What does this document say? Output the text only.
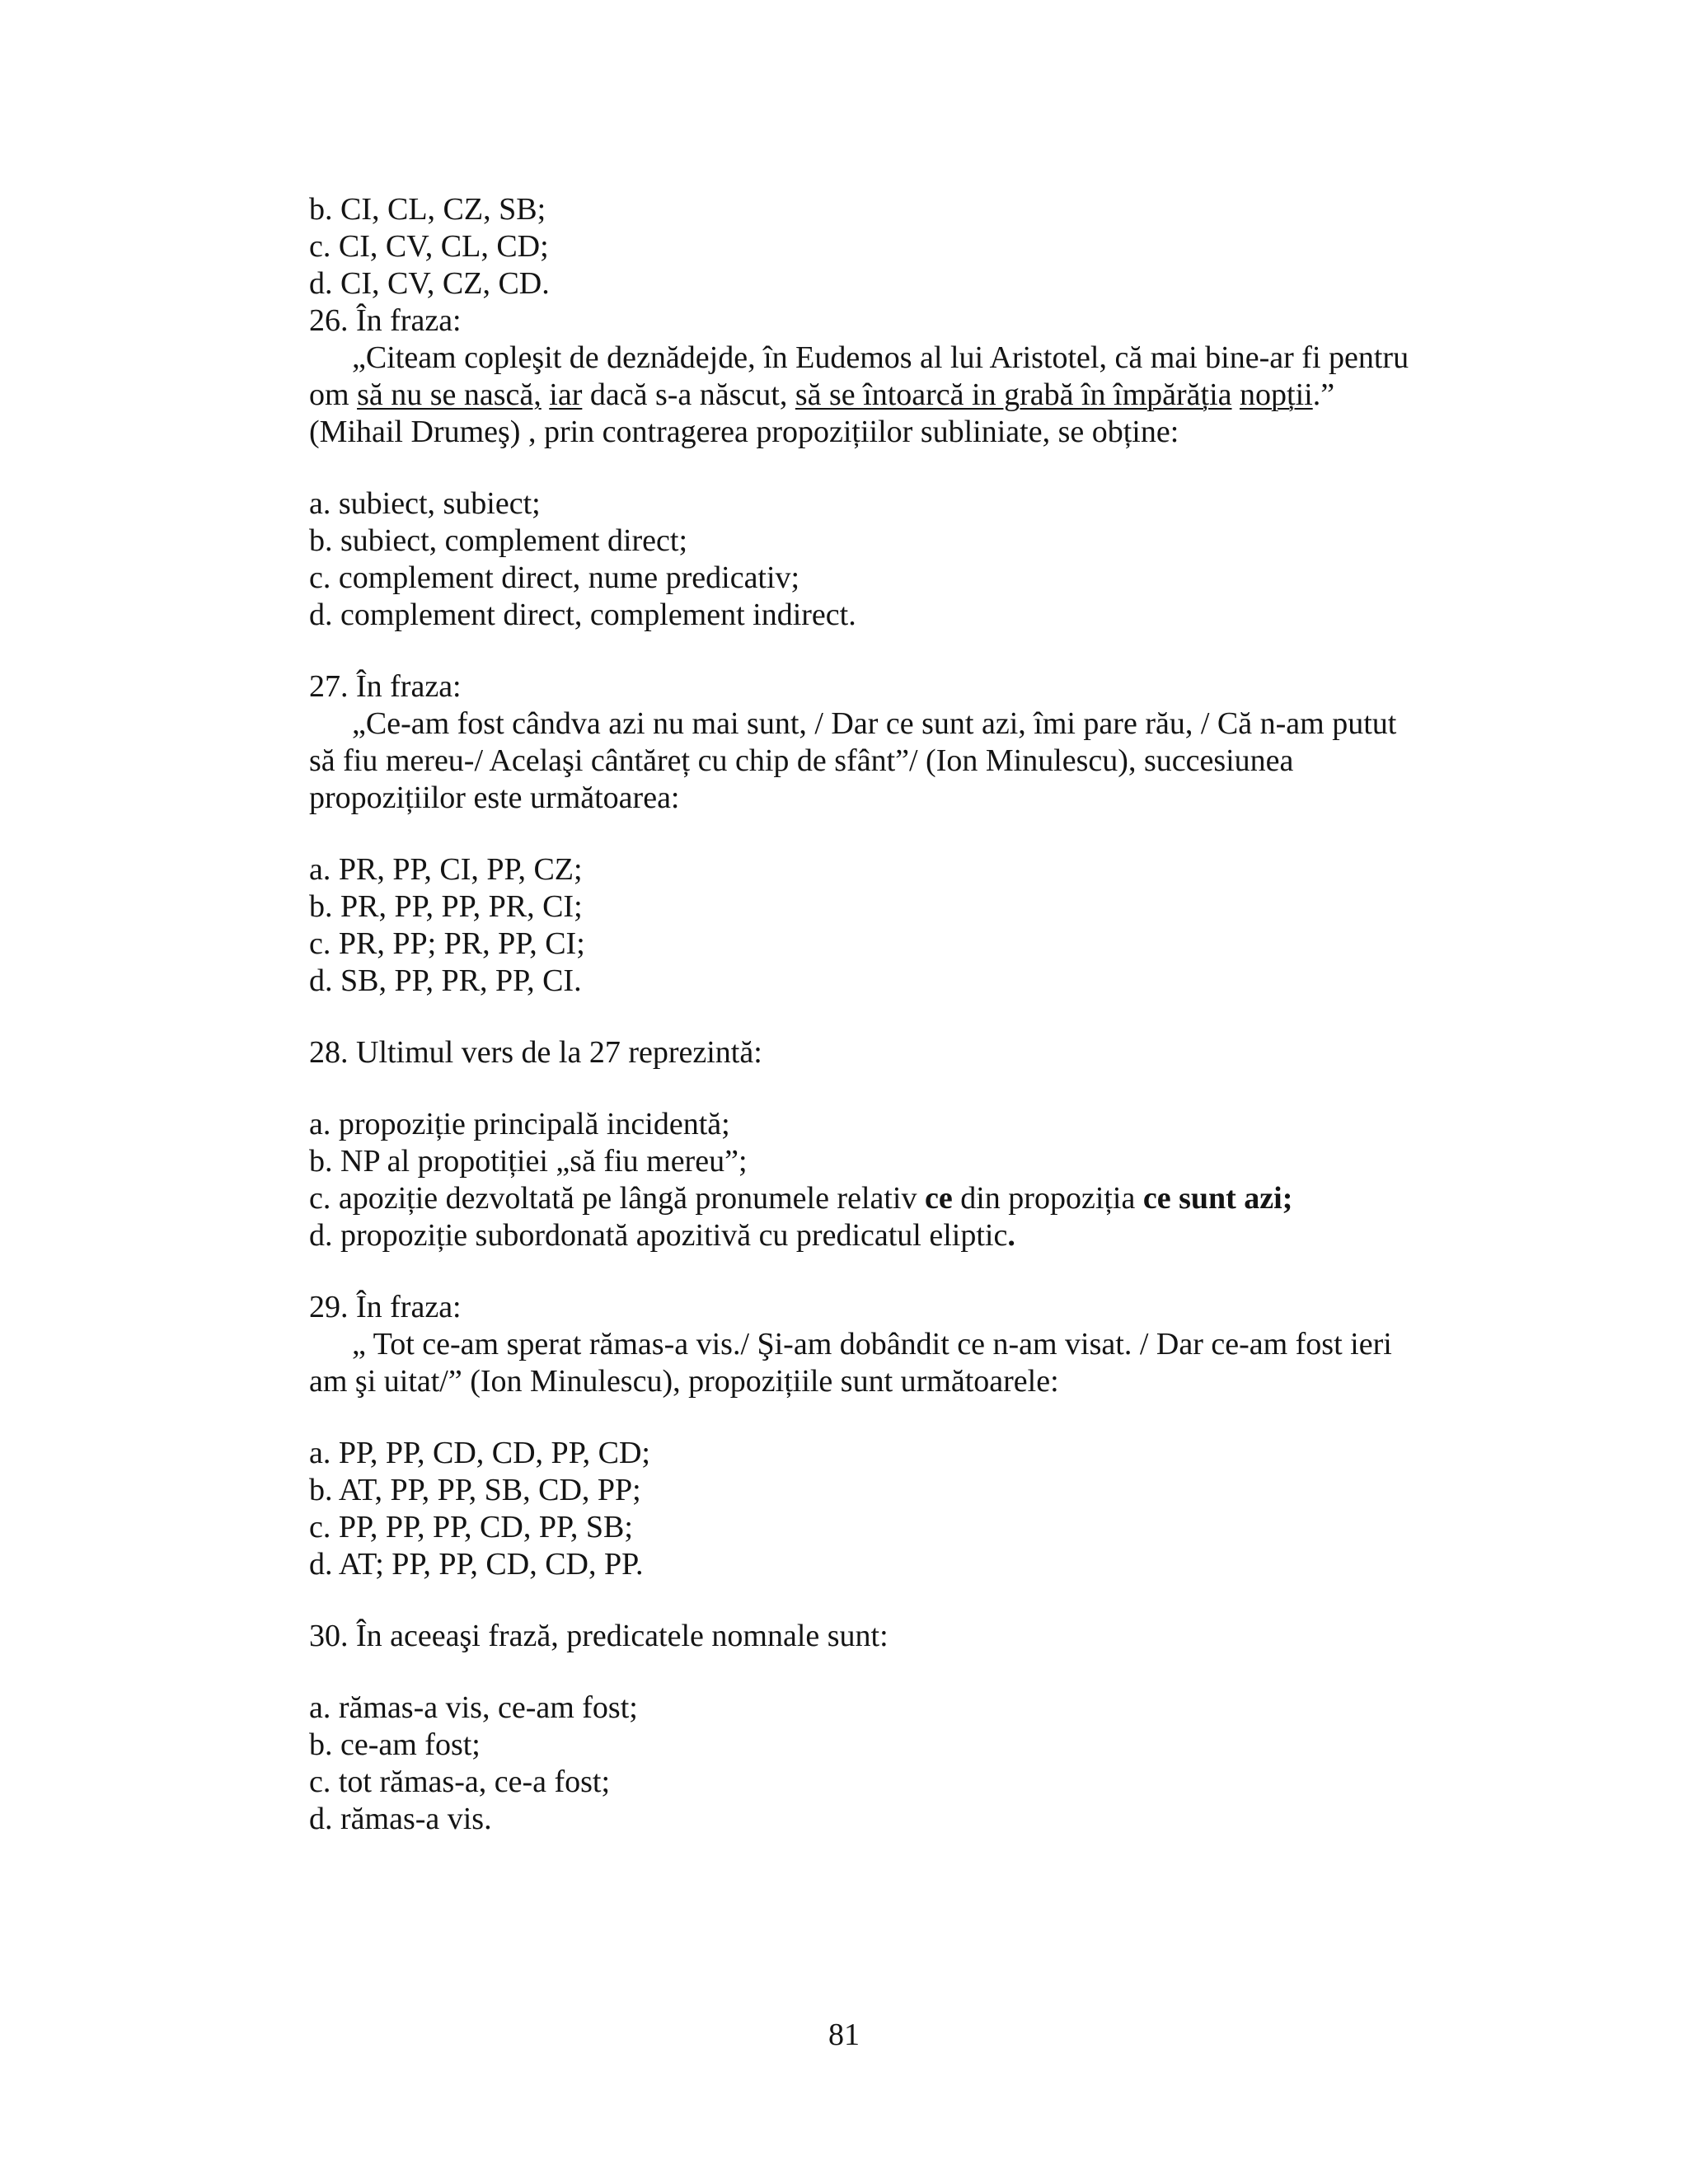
b. CI, CL, CZ, SB;
c. CI, CV, CL, CD;
d. CI, CV, CZ, CD.
26. În fraza:
„Citeam copleşit de deznădejde, în Eudemos al lui Aristotel, că mai bine-ar fi pentru
om să nu se nască, iar dacă s-a născut, să se întoarcă in grabă în împărăția nopții.”
(Mihail Drumeş) , prin contragerea propozițiilor subliniate, se obține:
a. subiect, subiect;
b. subiect, complement direct;
c. complement direct, nume predicativ;
d. complement direct, complement indirect.
27. În fraza:
„Ce-am fost cândva azi nu mai sunt, / Dar ce sunt azi, îmi pare rău, / Că n-am putut
să fiu mereu-/ Acelaşi cântăreț cu chip de sfânt”/ (Ion Minulescu), succesiunea
propozițiilor este următoarea:
a. PR, PP, CI, PP, CZ;
b. PR, PP, PP, PR, CI;
c. PR, PP; PR, PP, CI;
d. SB, PP, PR, PP, CI.
28. Ultimul vers de la 27 reprezintă:
a. propoziție principală incidentă;
b. NP al propotiției „să fiu mereu”;
c. apoziție dezvoltată pe lângă pronumele relativ ce din propoziția ce sunt azi;
d. propoziție subordonată apozitivă cu predicatul eliptic.
29. În fraza:
„ Tot ce-am sperat rămas-a vis./ Şi-am dobândit ce n-am visat. / Dar ce-am fost ieri
am şi uitat/” (Ion Minulescu), propozițiile sunt următoarele:
a. PP, PP, CD, CD, PP, CD;
b. AT, PP, PP, SB, CD, PP;
c. PP, PP, PP, CD, PP, SB;
d. AT; PP, PP, CD, CD, PP.
30. În aceeaşi frază, predicatele nomnale sunt:
a. rămas-a vis, ce-am fost;
b. ce-am fost;
c. tot rămas-a, ce-a fost;
d. rămas-a vis.
81
